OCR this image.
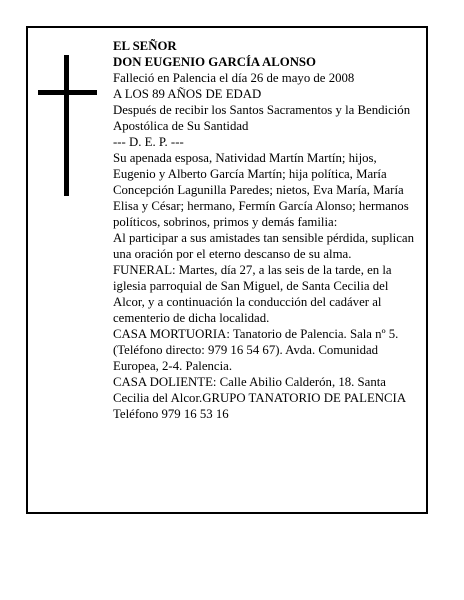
EL SEÑOR

DON EUGENIO GARCÍA ALONSO

Falleció en Palencia el día 26 de mayo de 2008

A LOS 89 AÑOS DE EDAD

Después de recibir los Santos Sacramentos y la Bendición Apostólica de Su Santidad

--- D. E. P. ---

Su apenada esposa, Natividad Martín Martín; hijos, Eugenio y Alberto García Martín; hija política, María Concepción Lagunilla Paredes; nietos, Eva María, María Elisa y César; hermano, Fermín García Alonso; hermanos políticos, sobrinos, primos y demás familia:

Al participar a sus amistades tan sensible pérdida, suplican una oración por el eterno descanso de su alma.

FUNERAL: Martes, día 27, a las seis de la tarde, en la iglesia parroquial de San Miguel, de Santa Cecilia del Alcor, y a continuación la conducción del cadáver al cementerio de dicha localidad.

CASA MORTUORIA: Tanatorio de Palencia. Sala nº 5. (Teléfono directo: 979 16 54 67). Avda. Comunidad Europea, 2-4. Palencia.

CASA DOLIENTE: Calle Abilio Calderón, 18. Santa Cecilia del Alcor.GRUPO TANATORIO DE PALENCIA

Teléfono 979 16 53 16
